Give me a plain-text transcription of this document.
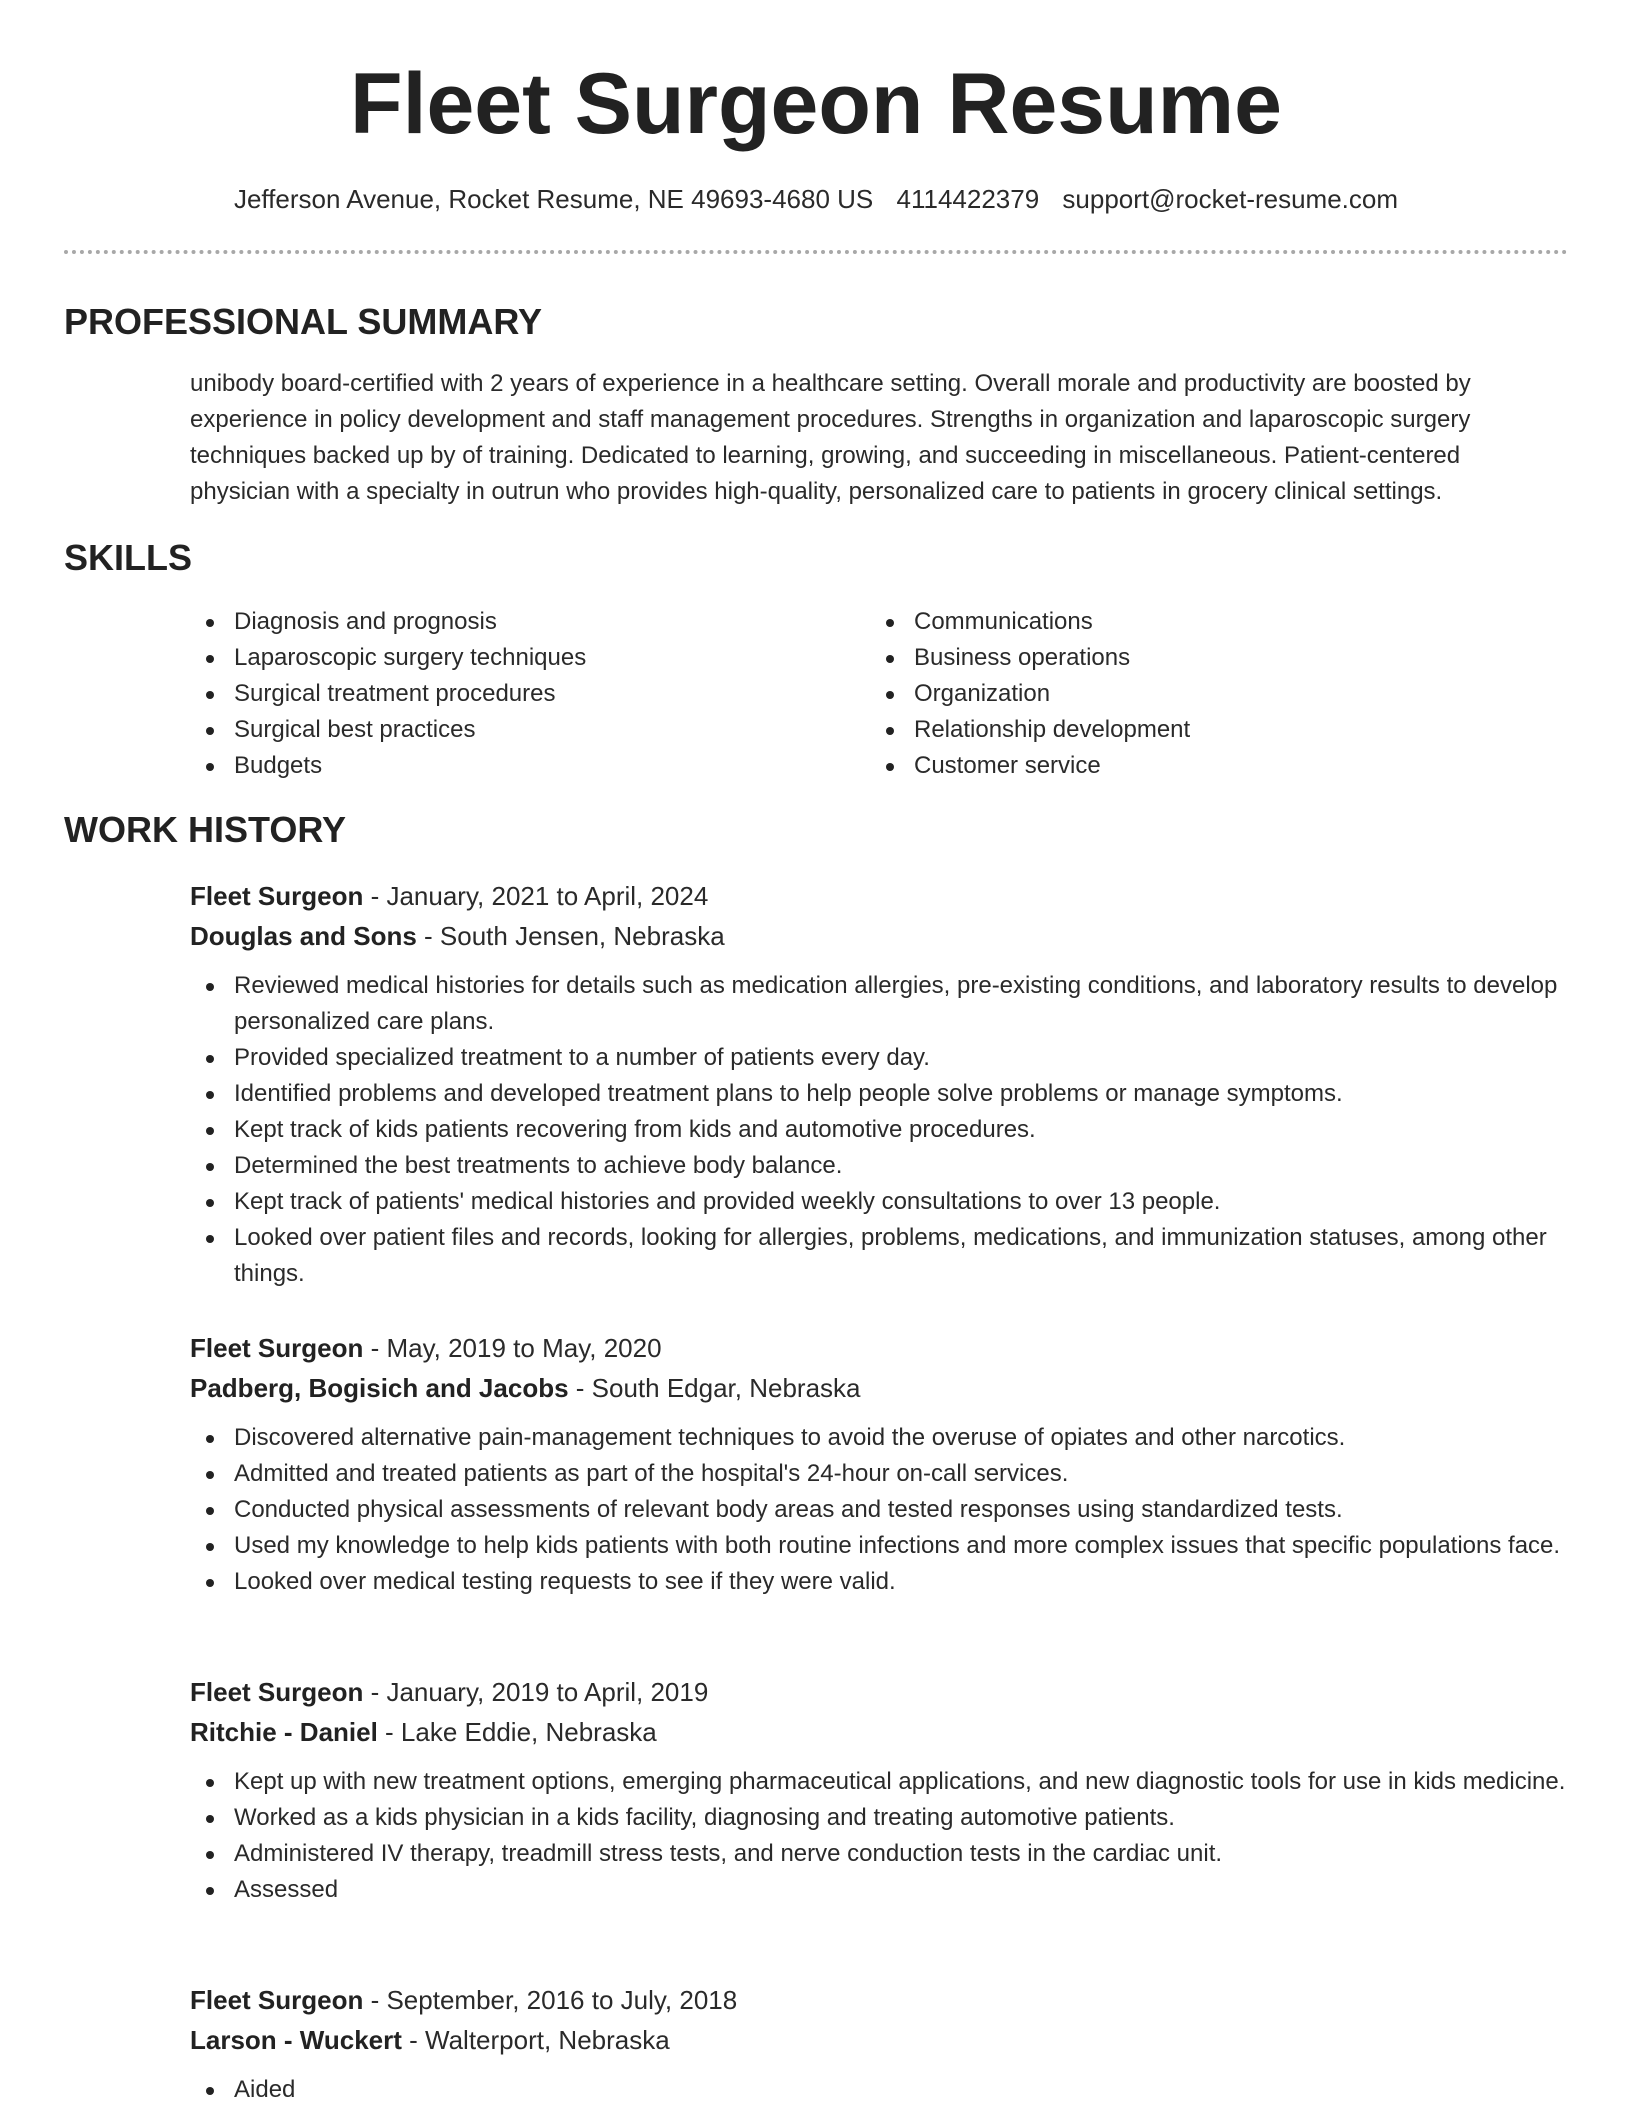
Fleet Surgeon Resume
Jefferson Avenue, Rocket Resume, NE 49693-4680 US 4114422379 support@rocket-resume.com
PROFESSIONAL SUMMARY

unibody board-certified with 2 years of experience in a healthcare setting. Overall morale and productivity are boosted by experience in policy development and staff management procedures. Strengths in organization and laparoscopic surgery techniques backed up by of training. Dedicated to learning, growing, and succeeding in miscellaneous. Patient-centered physician with a specialty in outrun who provides high-quality, personalized care to patients in grocery clinical settings.

SKILLS
Diagnosis and prognosis
Laparoscopic surgery techniques
Surgical treatment procedures
Surgical best practices
Budgets
Communications
Business operations
Organization
Relationship development
Customer service
WORK HISTORY
Fleet Surgeon - January, 2021 to April, 2024
Douglas and Sons - South Jensen, Nebraska
Reviewed medical histories for details such as medication allergies, pre-existing conditions, and laboratory results to develop personalized care plans.
Provided specialized treatment to a number of patients every day.
Identified problems and developed treatment plans to help people solve problems or manage symptoms.
Kept track of kids patients recovering from kids and automotive procedures.
Determined the best treatments to achieve body balance.
Kept track of patients' medical histories and provided weekly consultations to over 13 people.
Looked over patient files and records, looking for allergies, problems, medications, and immunization statuses, among other things.
Fleet Surgeon - May, 2019 to May, 2020
Padberg, Bogisich and Jacobs - South Edgar, Nebraska
Discovered alternative pain-management techniques to avoid the overuse of opiates and other narcotics.
Admitted and treated patients as part of the hospital's 24-hour on-call services.
Conducted physical assessments of relevant body areas and tested responses using standardized tests.
Used my knowledge to help kids patients with both routine infections and more complex issues that specific populations face.
Looked over medical testing requests to see if they were valid.
Fleet Surgeon - January, 2019 to April, 2019
Ritchie - Daniel - Lake Eddie, Nebraska
Kept up with new treatment options, emerging pharmaceutical applications, and new diagnostic tools for use in kids medicine.
Worked as a kids physician in a kids facility, diagnosing and treating automotive patients.
Administered IV therapy, treadmill stress tests, and nerve conduction tests in the cardiac unit.
Assessed
Fleet Surgeon - September, 2016 to July, 2018
Larson - Wuckert - Walterport, Nebraska
Aided
